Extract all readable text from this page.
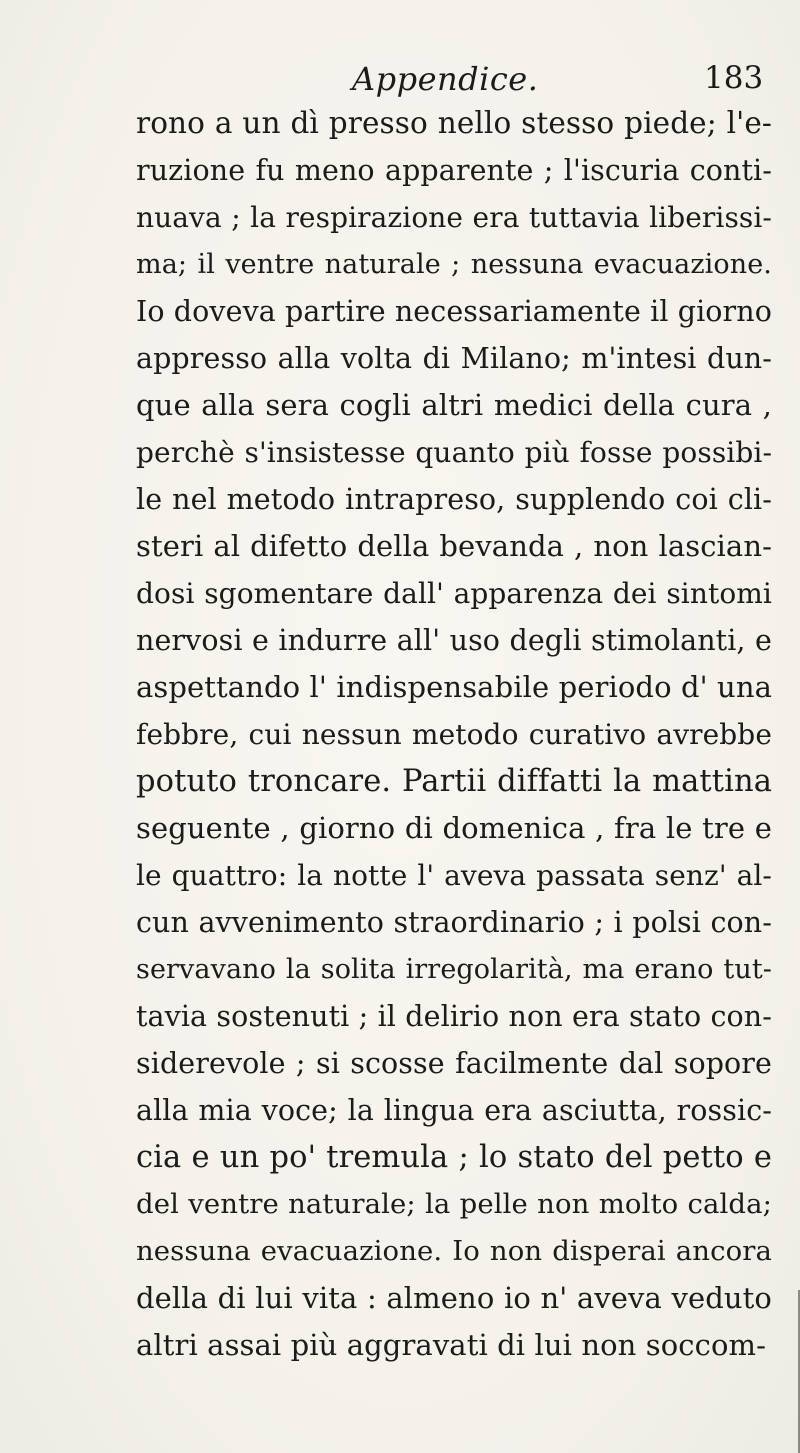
Appendice.	183
rono a un dì presso nello stesso piede; l'e-
ruzione fu meno apparente ; l'iscuria conti-
nuava ; la respirazione era tuttavia liberissi-
ma; il ventre naturale ; nessuna evacuazione.
Io doveva partire necessariamente il giorno
appresso alla volta di Milano; m'intesi dun-
que alla sera cogli altri medici della cura ,
perchè s'insistesse quanto più fosse possibi-
le nel metodo intrapreso, supplendo coi cli-
steri al difetto della bevanda , non lascian-
dosi sgomentare dall' apparenza dei sintomi
nervosi e indurre all' uso degli stimolanti, e
aspettando l' indispensabile periodo d' una
febbre, cui nessun metodo curativo avrebbe
potuto troncare. Partii diffatti la mattina
seguente , giorno di domenica , fra le tre e
le quattro: la notte l' aveva passata senz' al-
cun avvenimento straordinario ; i polsi con-
servavano la solita irregolarità, ma erano tut-
tavia sostenuti ; il delirio non era stato con-
siderevole ; si scosse facilmente dal sopore
alla mia voce; la lingua era asciutta, rossic-
cia e un po' tremula ; lo stato del petto e
del ventre naturale; la pelle non molto calda;
nessuna evacuazione. Io non disperai ancora
della di lui vita : almeno io n' aveva veduto
altri assai più aggravati di lui non soccom-
